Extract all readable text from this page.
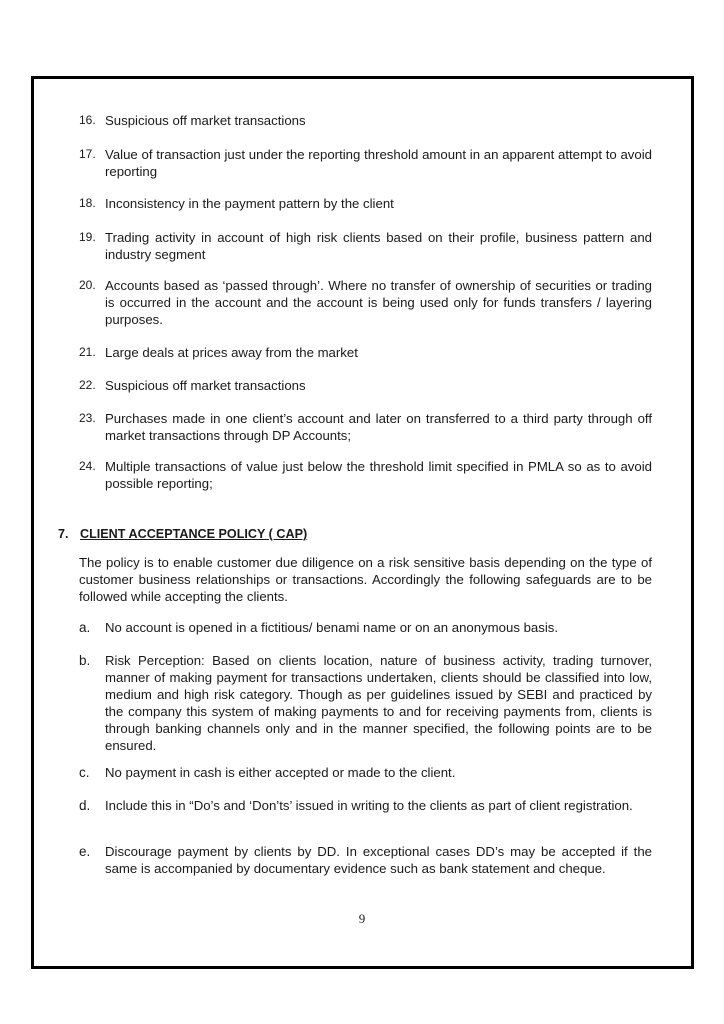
16. Suspicious off market transactions
17. Value of transaction just under the reporting threshold amount in an apparent attempt to avoid reporting
18. Inconsistency in the payment pattern by the client
19. Trading activity in account of high risk clients based on their profile, business pattern and industry segment
20. Accounts based as ‘passed through’. Where no transfer of ownership of securities or trading is occurred in the account and the account is being used only for funds transfers / layering purposes.
21. Large deals at prices away from the market
22. Suspicious off market transactions
23. Purchases made in one client’s account and later on transferred to a third party through off market transactions through DP Accounts;
24. Multiple transactions of value just below the threshold limit specified in PMLA so as to avoid possible reporting;
7. CLIENT ACCEPTANCE POLICY ( CAP)
The policy is to enable customer due diligence on a risk sensitive basis depending on the type of customer business relationships or transactions. Accordingly the following safeguards are to be followed while accepting the clients.
a.	No account is opened in a fictitious/ benami name or on an anonymous basis.
b.	Risk Perception: Based on clients location, nature of business activity, trading turnover, manner of making payment for transactions undertaken, clients should be classified into low, medium and high risk category. Though as per guidelines issued by SEBI and practiced by the company this system of making payments to and for receiving payments from, clients is through banking channels only and in the manner specified, the following points are to be ensured.
c.	No payment in cash is either accepted or made to the client.
d.	Include this in “Do’s and ‘Don’ts’ issued in writing to the clients as part of client registration.
e.	Discourage payment by clients by DD. In exceptional cases DD’s may be accepted if the same is accompanied by documentary evidence such as bank statement and cheque.
9
